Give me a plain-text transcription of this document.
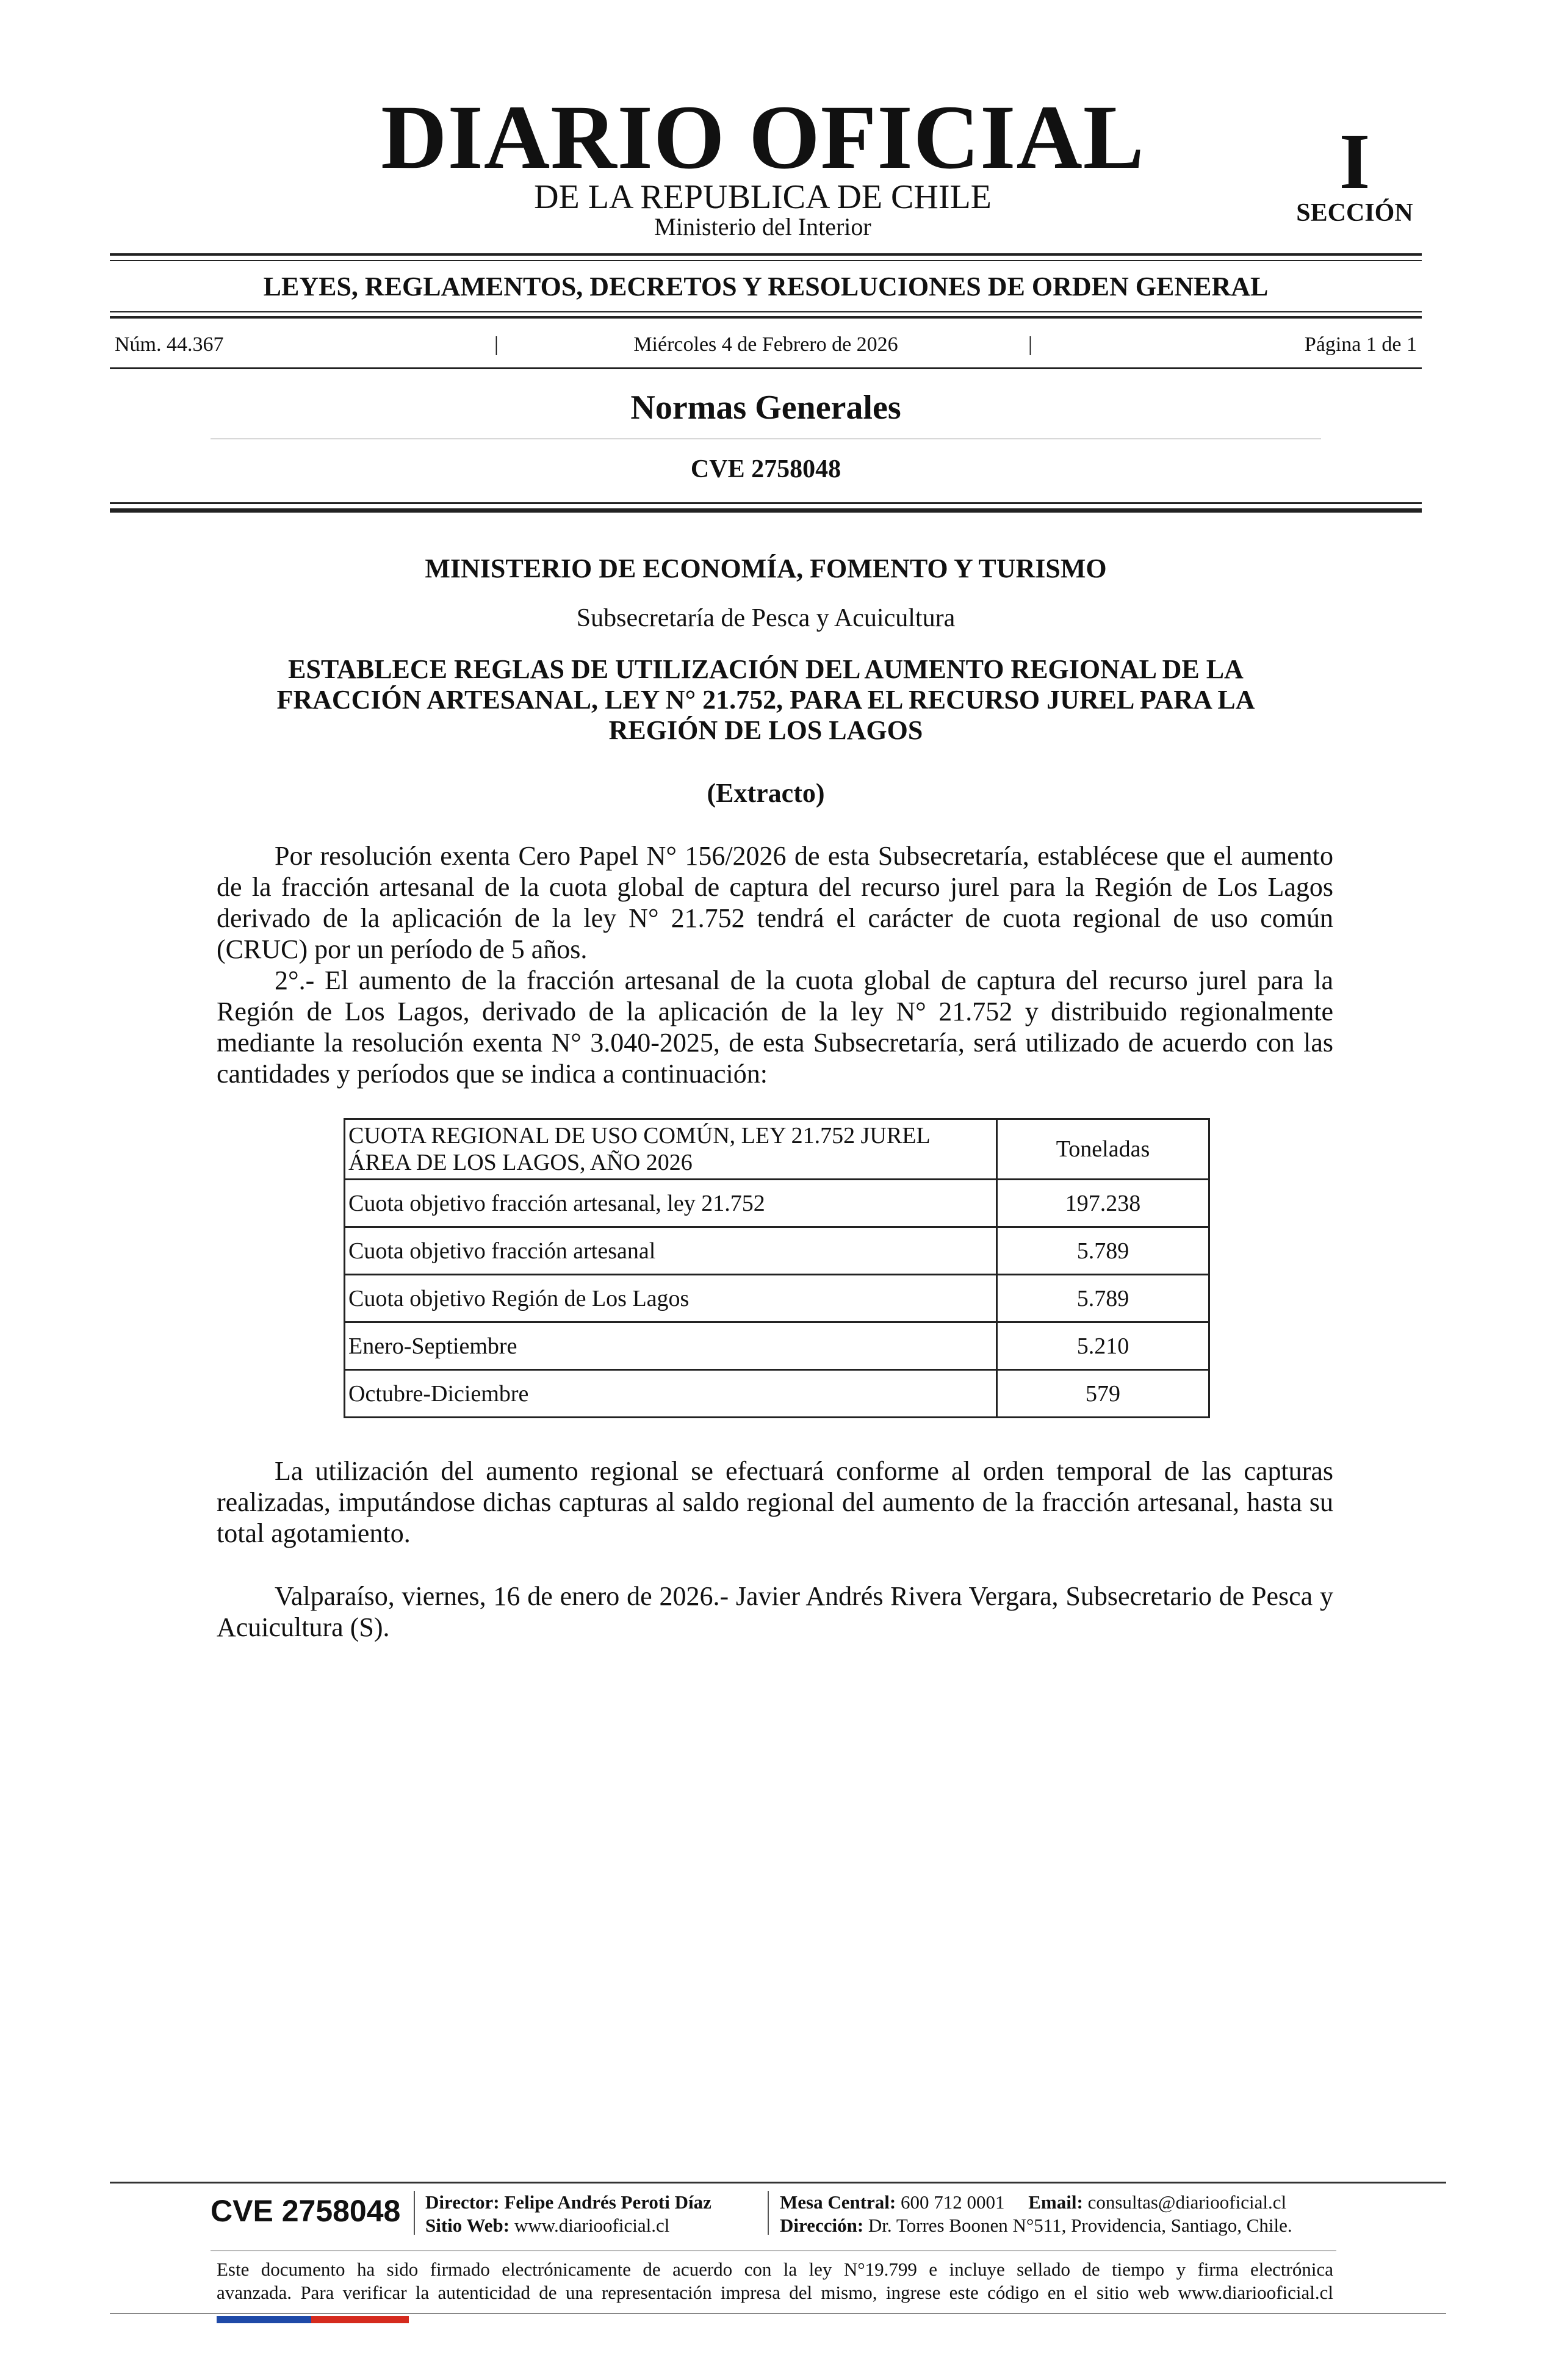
DIARIO OFICIAL
DE LA REPUBLICA DE CHILE
Ministerio del Interior
I
SECCIÓN
LEYES, REGLAMENTOS, DECRETOS Y RESOLUCIONES DE ORDEN GENERAL
Núm. 44.367	|	Miércoles 4 de Febrero de 2026	|	Página 1 de 1
Normas Generales
CVE 2758048
MINISTERIO DE ECONOMÍA, FOMENTO Y TURISMO
Subsecretaría de Pesca y Acuicultura
ESTABLECE REGLAS DE UTILIZACIÓN DEL AUMENTO REGIONAL DE LA FRACCIÓN ARTESANAL, LEY N° 21.752, PARA EL RECURSO JUREL PARA LA REGIÓN DE LOS LAGOS
(Extracto)

Por resolución exenta Cero Papel N° 156/2026 de esta Subsecretaría, establécese que el aumento de la fracción artesanal de la cuota global de captura del recurso jurel para la Región de Los Lagos derivado de la aplicación de la ley N° 21.752 tendrá el carácter de cuota regional de uso común (CRUC) por un período de 5 años.

2°.- El aumento de la fracción artesanal de la cuota global de captura del recurso jurel para la Región de Los Lagos, derivado de la aplicación de la ley N° 21.752 y distribuido regionalmente mediante la resolución exenta N° 3.040-2025, de esta Subsecretaría, será utilizado de acuerdo con las cantidades y períodos que se indica a continuación:

CUOTA REGIONAL DE USO COMÚN, LEY 21.752 JUREL
ÁREA DE LOS LAGOS, AÑO 2026	Toneladas
Cuota objetivo fracción artesanal, ley 21.752	197.238
Cuota objetivo fracción artesanal	5.789
Cuota objetivo Región de Los Lagos	5.789
Enero-Septiembre	5.210
Octubre-Diciembre	579

La utilización del aumento regional se efectuará conforme al orden temporal de las capturas realizadas, imputándose dichas capturas al saldo regional del aumento de la fracción artesanal, hasta su total agotamiento.

Valparaíso, viernes, 16 de enero de 2026.- Javier Andrés Rivera Vergara, Subsecretario de Pesca y Acuicultura (S).

CVE 2758048 Director: Felipe Andrés Peroti Díaz
Sitio Web: www.diariooficial.cl
Mesa Central: 600 712 0001 Email: consultas@diariooficial.cl
Dirección: Dr. Torres Boonen N°511, Providencia, Santiago, Chile.
Este documento ha sido firmado electrónicamente de acuerdo con la ley N°19.799 e incluye sellado de tiempo y firma electrónica
avanzada. Para verificar la autenticidad de una representación impresa del mismo, ingrese este código en el sitio web www.diariooficial.cl
